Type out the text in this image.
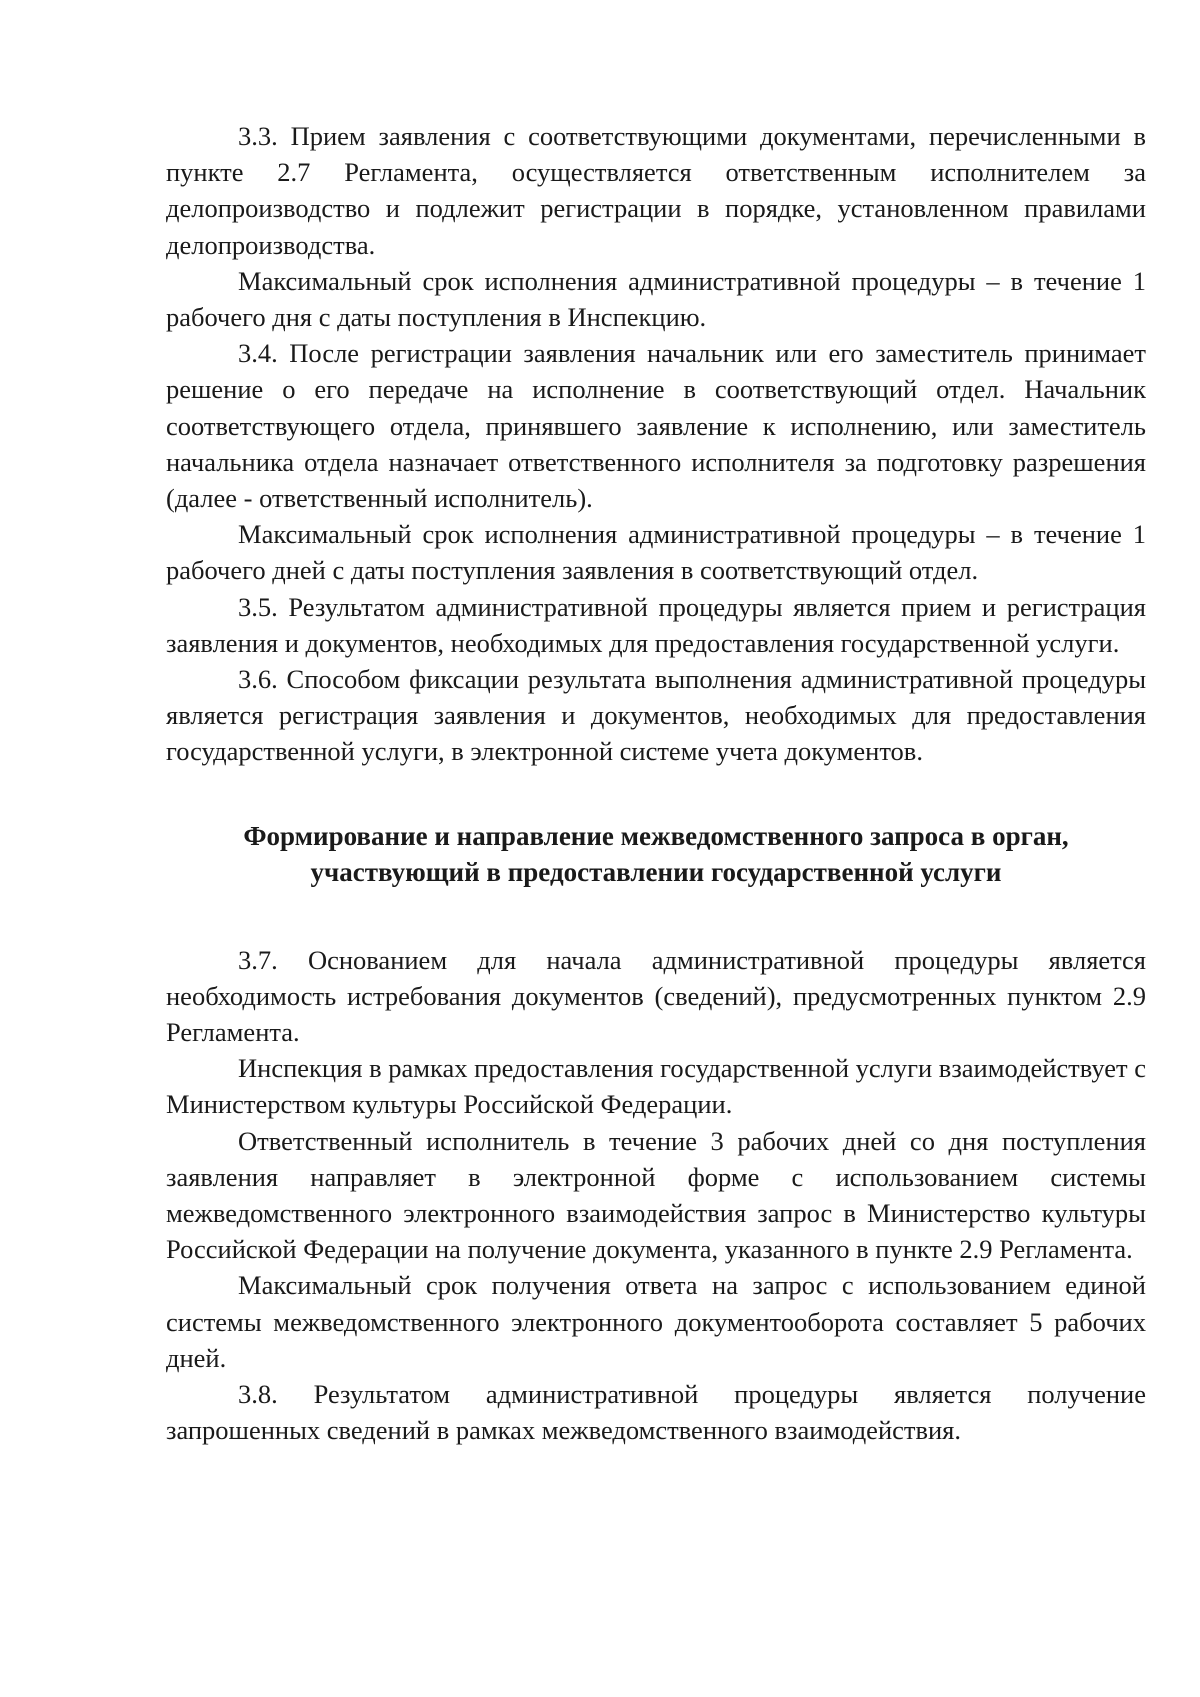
3.3. Прием заявления с соответствующими документами, перечисленными в пункте 2.7 Регламента, осуществляется ответственным исполнителем за делопроизводство и подлежит регистрации в порядке, установленном правилами делопроизводства.

Максимальный срок исполнения административной процедуры – в течение 1 рабочего дня с даты поступления в Инспекцию.

3.4. После регистрации заявления начальник или его заместитель принимает решение о его передаче на исполнение в соответствующий отдел. Начальник соответствующего отдела, принявшего заявление к исполнению, или заместитель начальника отдела назначает ответственного исполнителя за подготовку разрешения (далее - ответственный исполнитель).

Максимальный срок исполнения административной процедуры – в течение 1 рабочего дней с даты поступления заявления в соответствующий отдел.

3.5. Результатом административной процедуры является прием и регистрация заявления и документов, необходимых для предоставления государственной услуги.

3.6. Способом фиксации результата выполнения административной процедуры является регистрация заявления и документов, необходимых для предоставления государственной услуги, в электронной системе учета документов.

Формирование и направление межведомственного запроса в орган,
участвующий в предоставлении государственной услуги

3.7. Основанием для начала административной процедуры является необходимость истребования документов (сведений), предусмотренных пунктом 2.9 Регламента.

Инспекция в рамках предоставления государственной услуги взаимодействует с Министерством культуры Российской Федерации.

Ответственный исполнитель в течение 3 рабочих дней со дня поступления заявления направляет в электронной форме с использованием системы межведомственного электронного взаимодействия запрос в Министерство культуры Российской Федерации на получение документа, указанного в пункте 2.9 Регламента.

Максимальный срок получения ответа на запрос с использованием единой системы межведомственного электронного документооборота составляет 5 рабочих дней.

3.8. Результатом административной процедуры является получение запрошенных сведений в рамках межведомственного взаимодействия.
